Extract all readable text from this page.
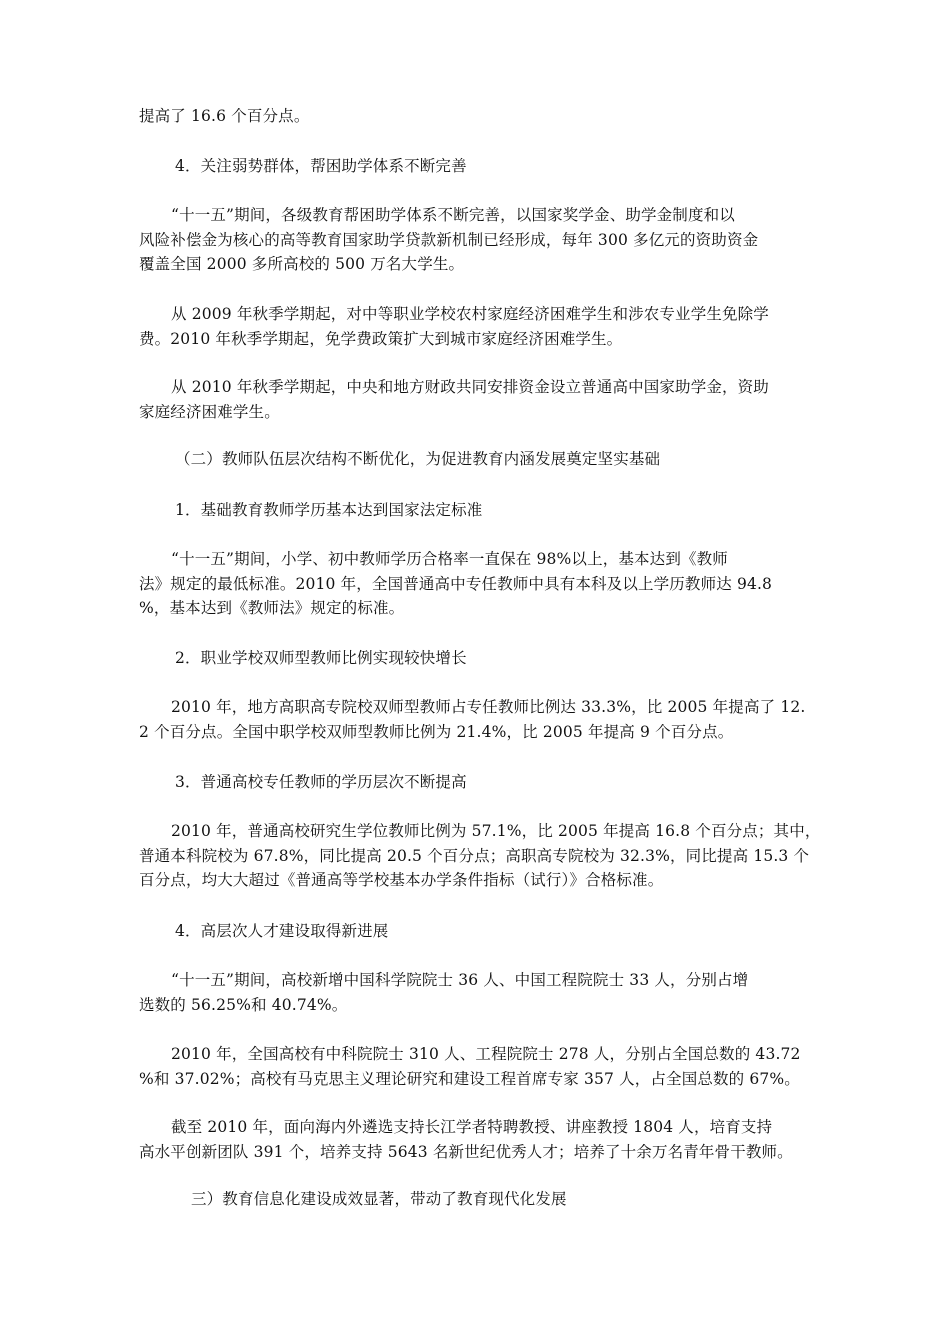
提高了 16.6 个百分点。
4．关注弱势群体，帮困助学体系不断完善
“十一五”期间，各级教育帮困助学体系不断完善，以国家奖学金、助学金制度和以
风险补偿金为核心的高等教育国家助学贷款新机制已经形成，每年 300 多亿元的资助资金
覆盖全国 2000 多所高校的 500 万名大学生。
从 2009 年秋季学期起，对中等职业学校农村家庭经济困难学生和涉农专业学生免除学
费。2010 年秋季学期起，免学费政策扩大到城市家庭经济困难学生。
从 2010 年秋季学期起，中央和地方财政共同安排资金设立普通高中国家助学金，资助
家庭经济困难学生。
（二）教师队伍层次结构不断优化，为促进教育内涵发展奠定坚实基础
1．基础教育教师学历基本达到国家法定标准
“十一五”期间，小学、初中教师学历合格率一直保在 98%以上，基本达到《教师
法》规定的最低标准。2010 年，全国普通高中专任教师中具有本科及以上学历教师达 94.8
%，基本达到《教师法》规定的标准。
2．职业学校双师型教师比例实现较快增长
2010 年，地方高职高专院校双师型教师占专任教师比例达 33.3%，比 2005 年提高了 12.
2 个百分点。全国中职学校双师型教师比例为 21.4%，比 2005 年提高 9 个百分点。
3．普通高校专任教师的学历层次不断提高
2010 年，普通高校研究生学位教师比例为 57.1%，比 2005 年提高 16.8 个百分点；其中，
普通本科院校为 67.8%，同比提高 20.5 个百分点；高职高专院校为 32.3%，同比提高 15.3 个
百分点，均大大超过《普通高等学校基本办学条件指标（试行）》合格标准。
4．高层次人才建设取得新进展
“十一五”期间，高校新增中国科学院院士 36 人、中国工程院院士 33 人，分别占增
选数的 56.25%和 40.74%。
2010 年，全国高校有中科院院士 310 人、工程院院士 278 人，分别占全国总数的 43.72
%和 37.02%；高校有马克思主义理论研究和建设工程首席专家 357 人，占全国总数的 67%。
截至 2010 年，面向海内外遴选支持长江学者特聘教授、讲座教授 1804 人，培育支持
高水平创新团队 391 个，培养支持 5643 名新世纪优秀人才；培养了十余万名青年骨干教师。
三）教育信息化建设成效显著，带动了教育现代化发展
